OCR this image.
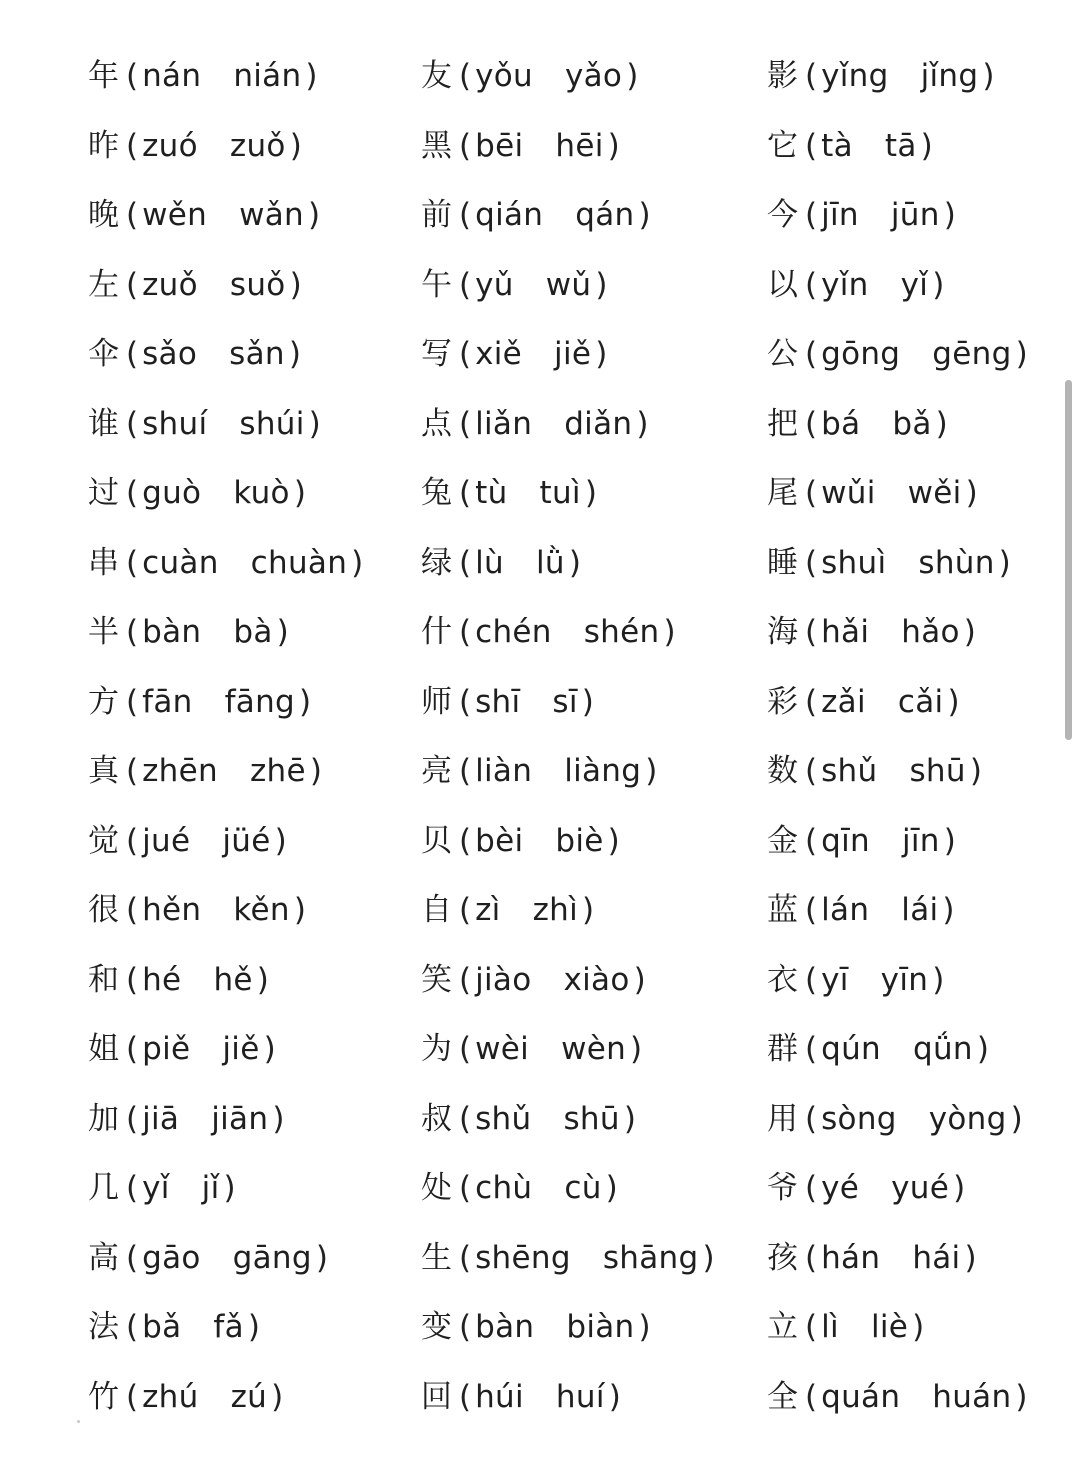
年 ( nán nián )	友 ( yǒu yǎo )	影 ( yǐng jǐng )
昨 ( zuó zuǒ )	黑 ( bēi hēi )	它 ( tà tā )
晚 ( wěn wǎn )	前 ( qián qán )	今 ( jīn jūn )
左 ( zuǒ suǒ )	午 ( yǔ wǔ )	以 ( yǐn yǐ )
伞 ( sǎo sǎn )	写 ( xiě jiě )	公 ( gōng gēng )
谁 ( shuí shúi )	点 ( liǎn diǎn )	把 ( bá bǎ )
过 ( guò kuò )	兔 ( tù tuì )	尾 ( wǔi wěi )
串 ( cuàn chuàn ) 绿 ( lù lǜ )	睡 ( shuì shùn )
半 ( bàn bà )	什 ( chén shén )	海 ( hǎi hǎo )
方 ( fān fāng )	师 ( shī sī )	彩 ( zǎi cǎi )
真 ( zhēn zhē )	亮 ( liàn liàng )	数 ( shǔ shū )
觉 ( jué jüé )	贝 ( bèi biè )	金 ( qīn jīn )
很 ( hěn kěn )	自 ( zì zhì )	蓝 ( lán lái )
和 ( hé hě )	笑 ( jiào xiào )	衣 ( yī yīn )
姐 ( piě jiě )	为 ( wèi wèn )	群 ( qún qǘn )
加 ( jiā jiān )	叔 ( shǔ shū )	用 ( sòng yòng )
几 ( yǐ jǐ )	处 ( chù cù )	爷 ( yé yué )
高 ( gāo gāng )	生 ( shēng shāng ) 孩 ( hán hái )
法 ( bǎ fǎ )	变 ( bàn biàn )	立 ( lì liè )
竹 ( zhú zú )	回 ( húi huí )	全 ( quán huán )
